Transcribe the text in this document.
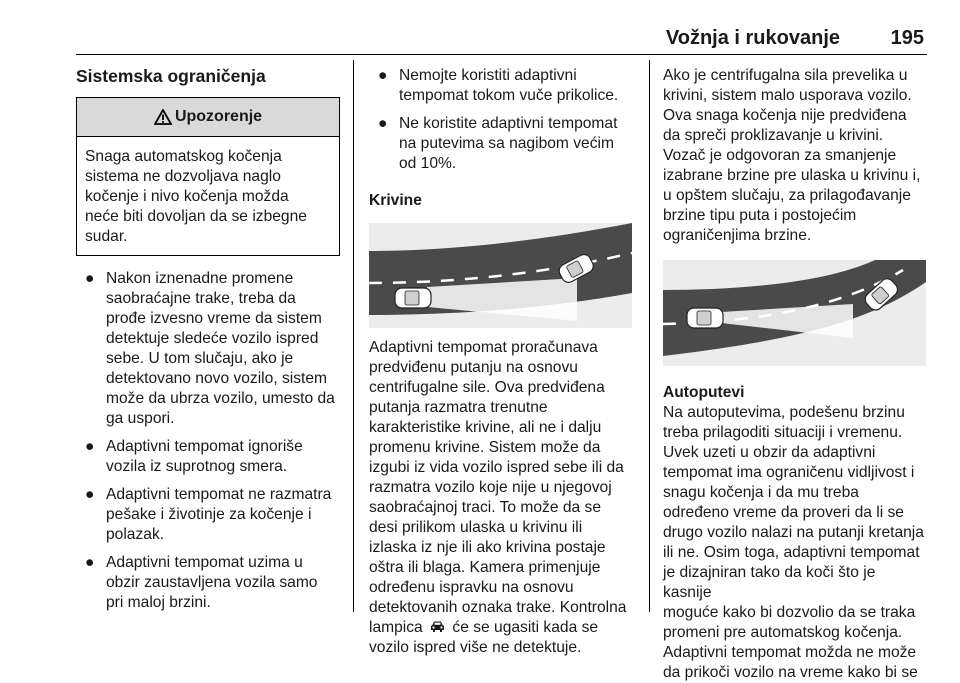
Vožnja i rukovanje	195
Sistemska ograničenja
Upozorenje

Snaga automatskog kočenja

sistema ne dozvoljava naglo

kočenje i nivo kočenja možda

neće biti dovoljan da se izbegne

sudar.

● Nakon iznenadne promene

saobraćajne trake, treba da

prođe izvesno vreme da sistem

detektuje sledeće vozilo ispred

sebe. U tom slučaju, ako je

detektovano novo vozilo, sistem

može da ubrza vozilo, umesto da

ga uspori.

● Adaptivni tempomat ignoriše

vozila iz suprotnog smera.

● Adaptivni tempomat ne razmatra

pešake i životinje za kočenje i

polazak.

● Adaptivni tempomat uzima u

obzir zaustavljena vozila samo

pri maloj brzini.

● Nemojte koristiti adaptivni

tempomat tokom vuče prikolice.

● Ne koristite adaptivni tempomat

na putevima sa nagibom većim

od 10%.

Krivine

Adaptivni tempomat proračunava

predviđenu putanju na osnovu

centrifugalne sile. Ova predviđena

putanja razmatra trenutne

karakteristike krivine, ali ne i dalju

promenu krivine. Sistem može da

izgubi iz vida vozilo ispred sebe ili da

razmatra vozilo koje nije u njegovoj

saobraćajnoj traci. To može da se

desi prilikom ulaska u krivinu ili

izlaska iz nje ili ako krivina postaje

oštra ili blaga. Kamera primenjuje

određenu ispravku na osnovu

detektovanih oznaka trake. Kontrolna

lampica će se ugasiti kada se

vozilo ispred više ne detektuje.

Ako je centrifugalna sila prevelika u

krivini, sistem malo usporava vozilo.

Ova snaga kočenja nije predviđena

da spreči proklizavanje u krivini.

Vozač je odgovoran za smanjenje

izabrane brzine pre ulaska u krivinu i,

u opštem slučaju, za prilagođavanje

brzine tipu puta i postojećim

ograničenjima brzine.

Autoputevi

Na autoputevima, podešenu brzinu

treba prilagoditi situaciji i vremenu.

Uvek uzeti u obzir da adaptivni

tempomat ima ograničenu vidljivost i

snagu kočenja i da mu treba

određeno vreme da proveri da li se

drugo vozilo nalazi na putanji kretanja

ili ne. Osim toga, adaptivni tempomat

je dizajniran tako da koči što je kasnije

moguće kako bi dozvolio da se traka

promeni pre automatskog kočenja.

Adaptivni tempomat možda ne može

da prikoči vozilo na vreme kako bi se
